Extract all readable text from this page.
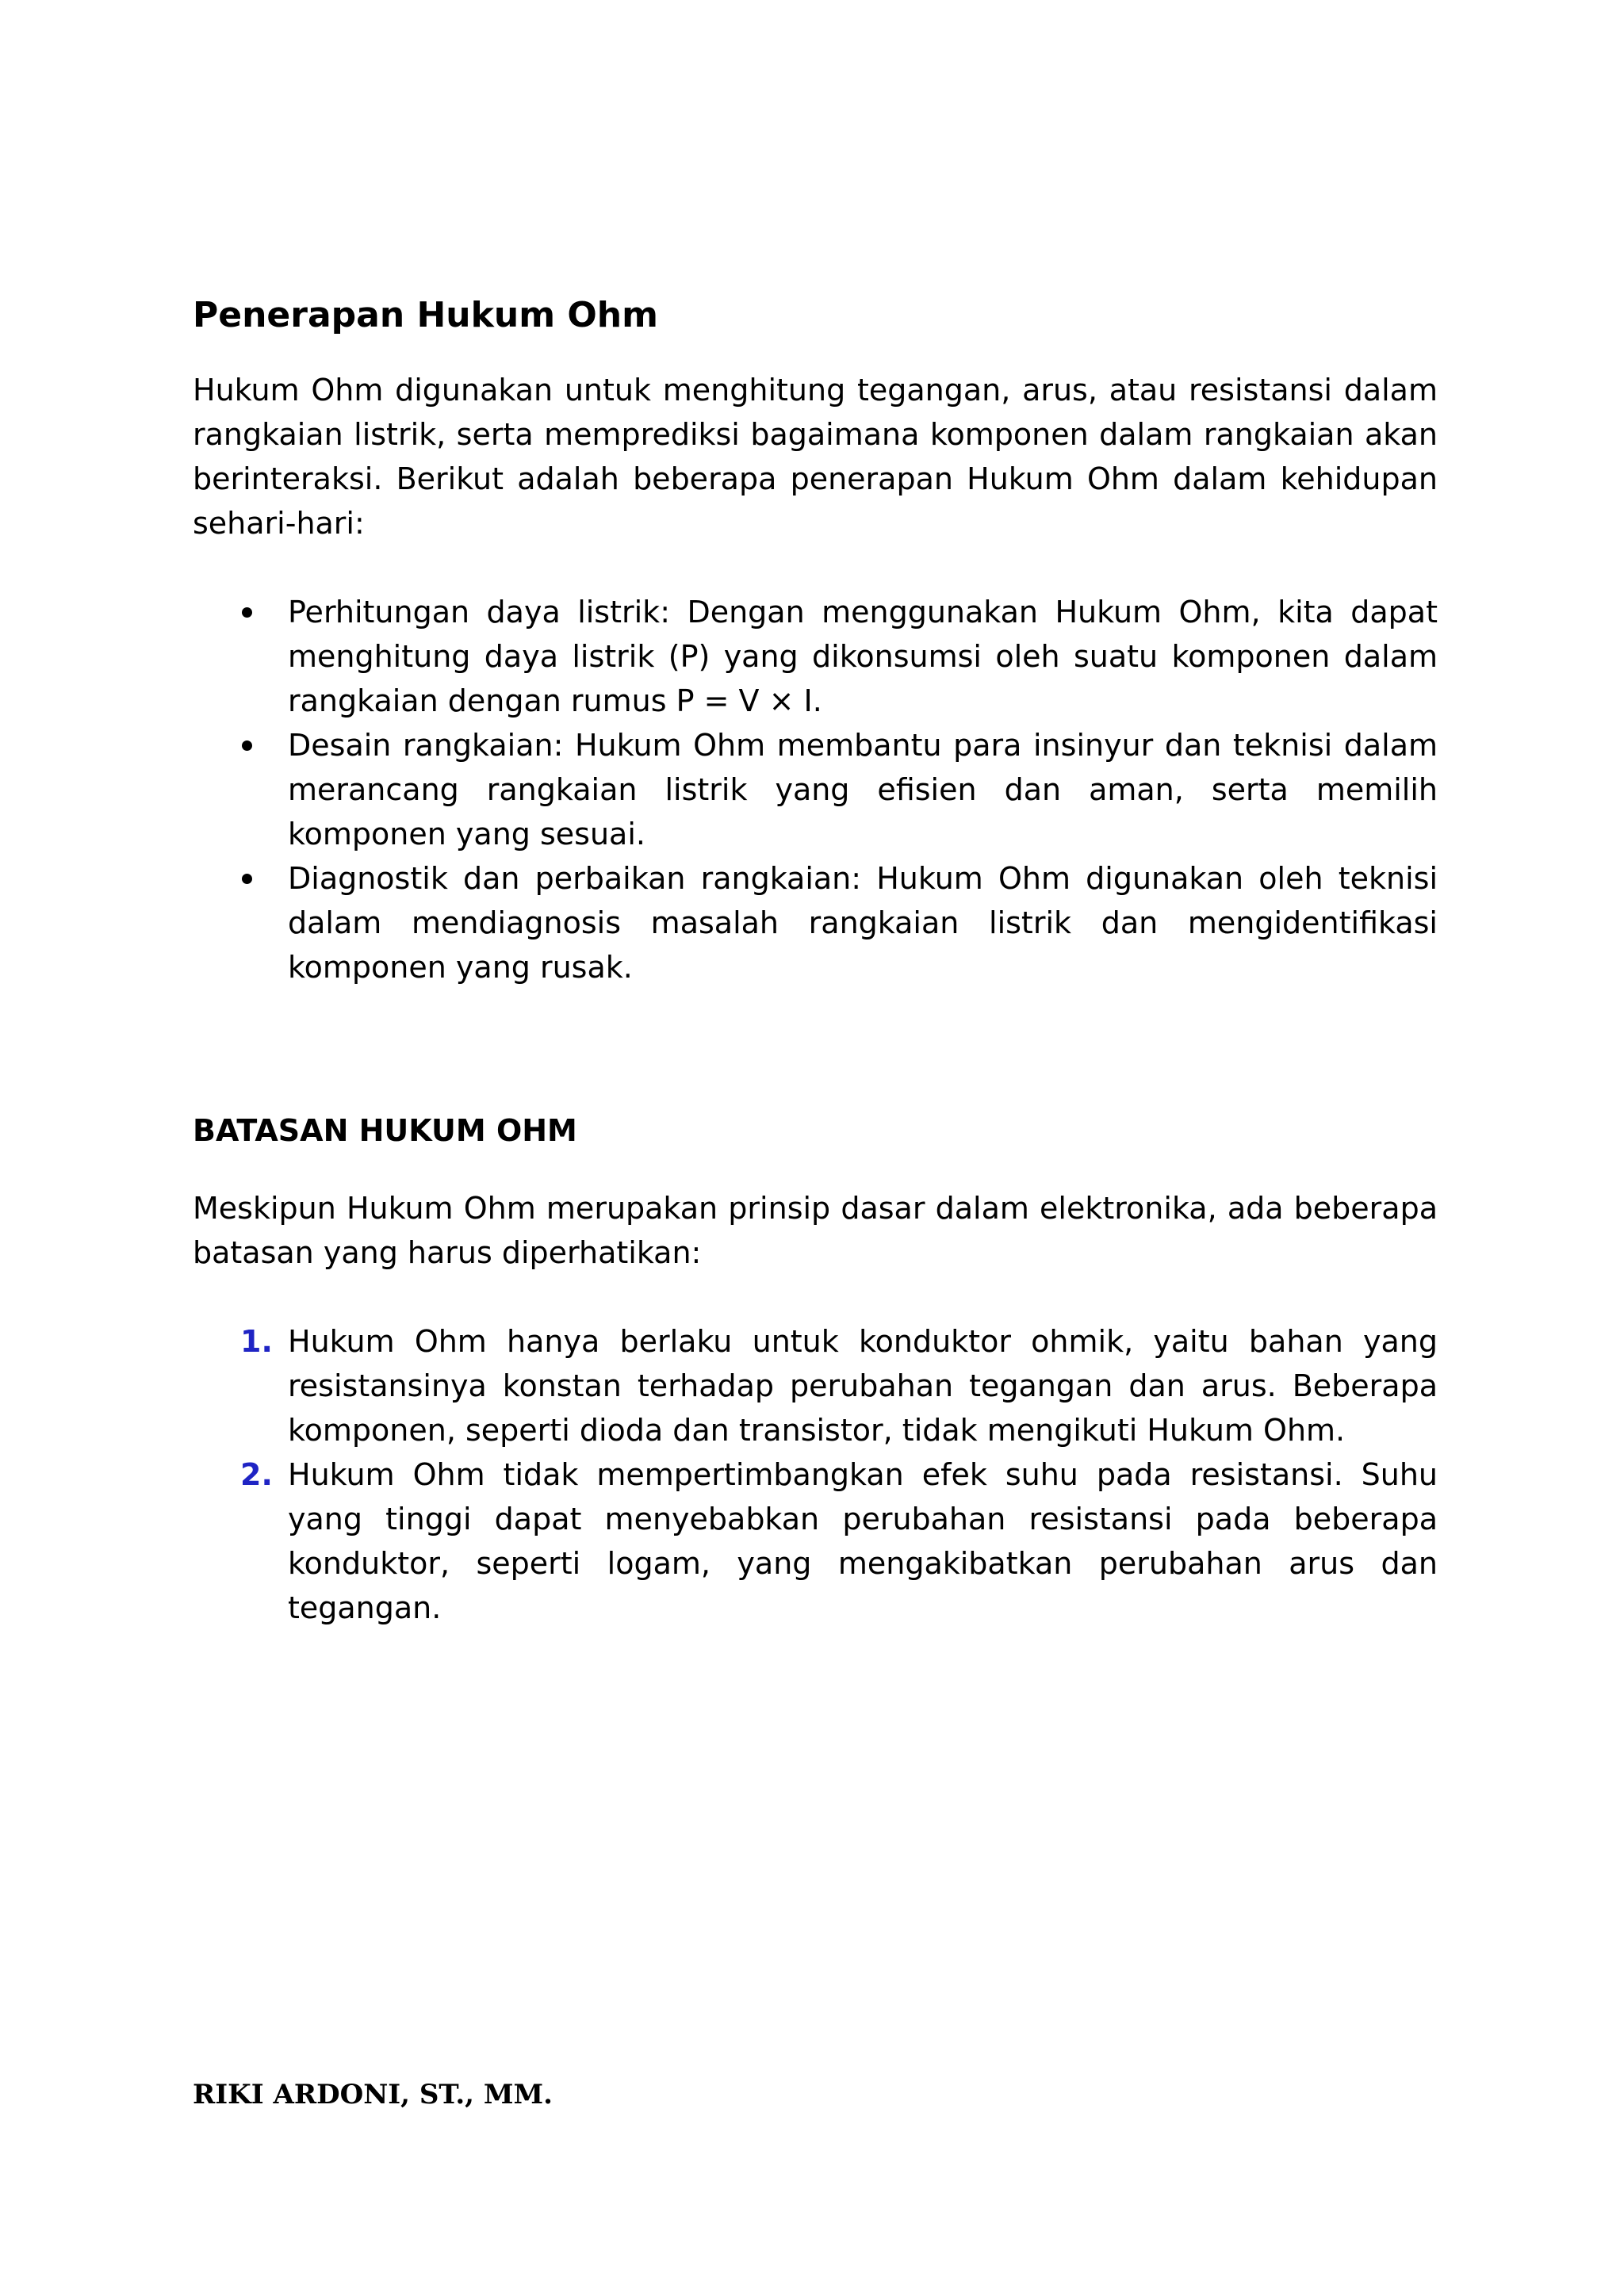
Penerapan Hukum Ohm

Hukum Ohm digunakan untuk menghitung tegangan, arus, atau resistansi dalam rangkaian listrik, serta memprediksi bagaimana komponen dalam rangkaian akan berinteraksi. Berikut adalah beberapa penerapan Hukum Ohm dalam kehidupan sehari-hari:

Perhitungan daya listrik: Dengan menggunakan Hukum Ohm, kita dapat menghitung daya listrik (P) yang dikonsumsi oleh suatu komponen dalam rangkaian dengan rumus P = V × I.
Desain rangkaian: Hukum Ohm membantu para insinyur dan teknisi dalam merancang rangkaian listrik yang efisien dan aman, serta memilih komponen yang sesuai.
Diagnostik dan perbaikan rangkaian: Hukum Ohm digunakan oleh teknisi dalam mendiagnosis masalah rangkaian listrik dan mengidentifikasi komponen yang rusak.
BATASAN HUKUM OHM

Meskipun Hukum Ohm merupakan prinsip dasar dalam elektronika, ada beberapa batasan yang harus diperhatikan:

1. Hukum Ohm hanya berlaku untuk konduktor ohmik, yaitu bahan yang resistansinya konstan terhadap perubahan tegangan dan arus. Beberapa komponen, seperti dioda dan transistor, tidak mengikuti Hukum Ohm.
2. Hukum Ohm tidak mempertimbangkan efek suhu pada resistansi. Suhu yang tinggi dapat menyebabkan perubahan resistansi pada beberapa konduktor, seperti logam, yang mengakibatkan perubahan arus dan tegangan.

RIKI ARDONI, ST., MM.
